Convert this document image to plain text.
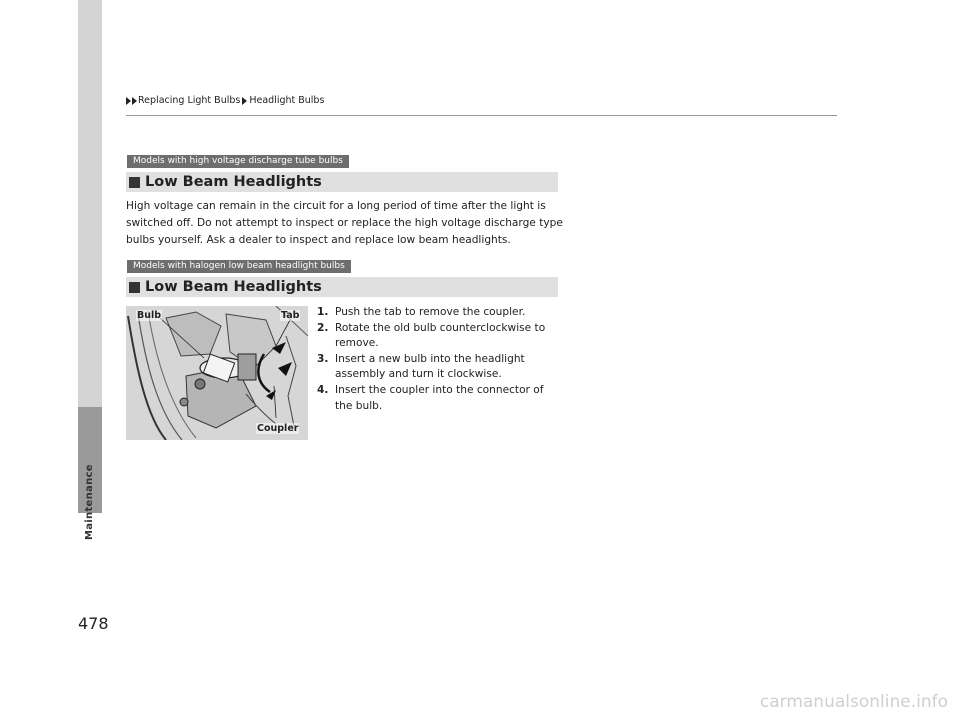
Maintenance
Replacing Light Bulbs Headlight Bulbs
Models with high voltage discharge tube bulbs
Low Beam Headlights
High voltage can remain in the circuit for a long period of time after the light is switched off. Do not attempt to inspect or replace the high voltage discharge type bulbs yourself. Ask a dealer to inspect and replace low beam headlights.
Models with halogen low beam headlight bulbs
Low Beam Headlights
Bulb	Tab
Coupler
1. Push the tab to remove the coupler.
2. Rotate the old bulb counterclockwise to remove.
3. Insert a new bulb into the headlight assembly and turn it clockwise.
4. Insert the coupler into the connector of the bulb.
478
carmanualsonline.info
